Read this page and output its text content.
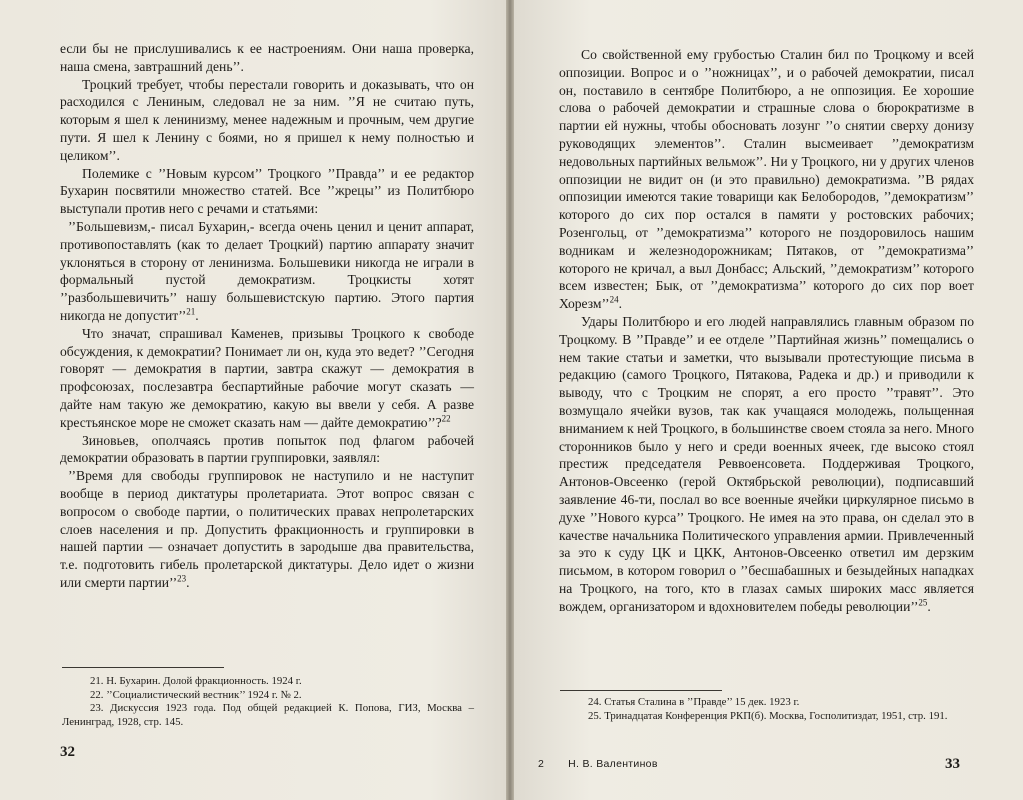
если бы не прислушивались к ее настроениям. Они наша проверка, наша смена, завтрашний день’’.

Троцкий требует, чтобы перестали говорить и доказывать, что он расходился с Лениным, следовал не за ним. ’’Я не считаю путь, которым я шел к ленинизму, менее надежным и прочным, чем другие пути. Я шел к Ленину с боями, но я пришел к нему полностью и целиком’’.

Полемике с ’’Новым курсом’’ Троцкого ’’Правда’’ и ее редактор Бухарин посвятили множество статей. Все ’’жрецы’’ из Политбюро выступали против него с речами и статьями:

’’Большевизм,- писал Бухарин,- всегда очень ценил и ценит аппарат, противопоставлять (как то делает Троцкий) партию аппарату значит уклоняться в сторону от ленинизма. Большевики никогда не играли в формальный пустой демократизм. Троцкисты хотят ’’разбольшевичить’’ нашу большевистскую партию. Этого партия никогда не допустит’’$^{21}$.

Что значат, спрашивал Каменев, призывы Троцкого к свободе обсуждения, к демократии? Понимает ли он, куда это ведет? ’’Сегодня говорят — демократия в партии, завтра скажут — демократия в профсоюзах, послезавтра беспартийные рабочие могут сказать — дайте нам такую же демократию, какую вы ввели у себя. А разве крестьянское море не сможет сказать нам — дайте демократию’’?$^{22}$

Зиновьев, ополчаясь против попыток под флагом рабочей демократии образовать в партии группировки, заявлял:

’’Время для свободы группировок не наступило и не наступит вообще в период диктатуры пролетариата. Этот вопрос связан с вопросом о свободе партии, о политических правах непролетарских слоев населения и пр. Допустить фракционность и группировки в нашей партии — означает допустить в зародыше два правительства, т.е. подготовить гибель пролетарской диктатуры. Дело идет о жизни или смерти партии’’$^{23}$.

21. Н. Бухарин. Долой фракционность. 1924 г.

22. ’’Социалистический вестник’’ 1924 г. № 2.

23. Дискуссия 1923 года. Под общей редакцией К. Попова, ГИЗ, Москва – Ленинград, 1928, стр. 145.

32

Со свойственной ему грубостью Сталин бил по Троцкому и всей оппозиции. Вопрос и о ’’ножницах’’, и о рабочей демократии, писал он, поставило в сентябре Политбюро, а не оппозиция. Ее хорошие слова о рабочей демократии и страшные слова о бюрократизме в партии ей нужны, чтобы обосновать лозунг ’’о снятии сверху донизу руководящих элементов’’. Сталин высмеивает ’’демократизм недовольных партийных вельмож’’. Ни у Троцкого, ни у других членов оппозиции не видит он (и это правильно) демократизма. ’’В рядах оппозиции имеются такие товарищи как Белобородов, ’’демократизм’’ которого до сих пор остался в памяти у ростовских рабочих; Розенгольц, от ’’демократизма’’ которого не поздоровилось нашим водникам и железнодорожникам; Пятаков, от ’’демократизма’’ которого не кричал, а выл Донбасс; Альский, ’’демократизм’’ которого всем известен; Бык, от ’’демократизма’’ которого до сих пор воет Хорезм’’$^{24}$.

Удары Политбюро и его людей направлялись главным образом по Троцкому. В ’’Правде’’ и ее отделе ’’Партийная жизнь’’ помещались о нем такие статьи и заметки, что вызывали протестующие письма в редакцию (самого Троцкого, Пятакова, Радека и др.) и приводили к выводу, что с Троцким не спорят, а его просто ’’травят’’. Это возмущало ячейки вузов, так как учащаяся молодежь, польщенная вниманием к ней Троцкого, в большинстве своем стояла за него. Много сторонников было у него и среди военных ячеек, где высоко стоял престиж председателя Реввоенсовета. Поддерживая Троцкого, Антонов-Овсеенко (герой Октябрьской революции), подписавший заявление 46-ти, послал во все военные ячейки циркулярное письмо в духе ’’Нового курса’’ Троцкого. Не имея на это права, он сделал это в качестве начальника Политического управления армии. Привлеченный за это к суду ЦК и ЦКК, Антонов-Овсеенко ответил им дерзким письмом, в котором говорил о ’’бесшабашных и безыдейных нападках на Троцкого, на того, кто в глазах самых широких масс является вождем, организатором и вдохновителем победы революции’’$^{25}$.

24. Статья Сталина в ’’Правде’’ 15 дек. 1923 г.

25. Тринадцатая Конференция РКП(б). Москва, Госполитиздат, 1951, стр. 191.

2 Н. В. Валентинов	33
